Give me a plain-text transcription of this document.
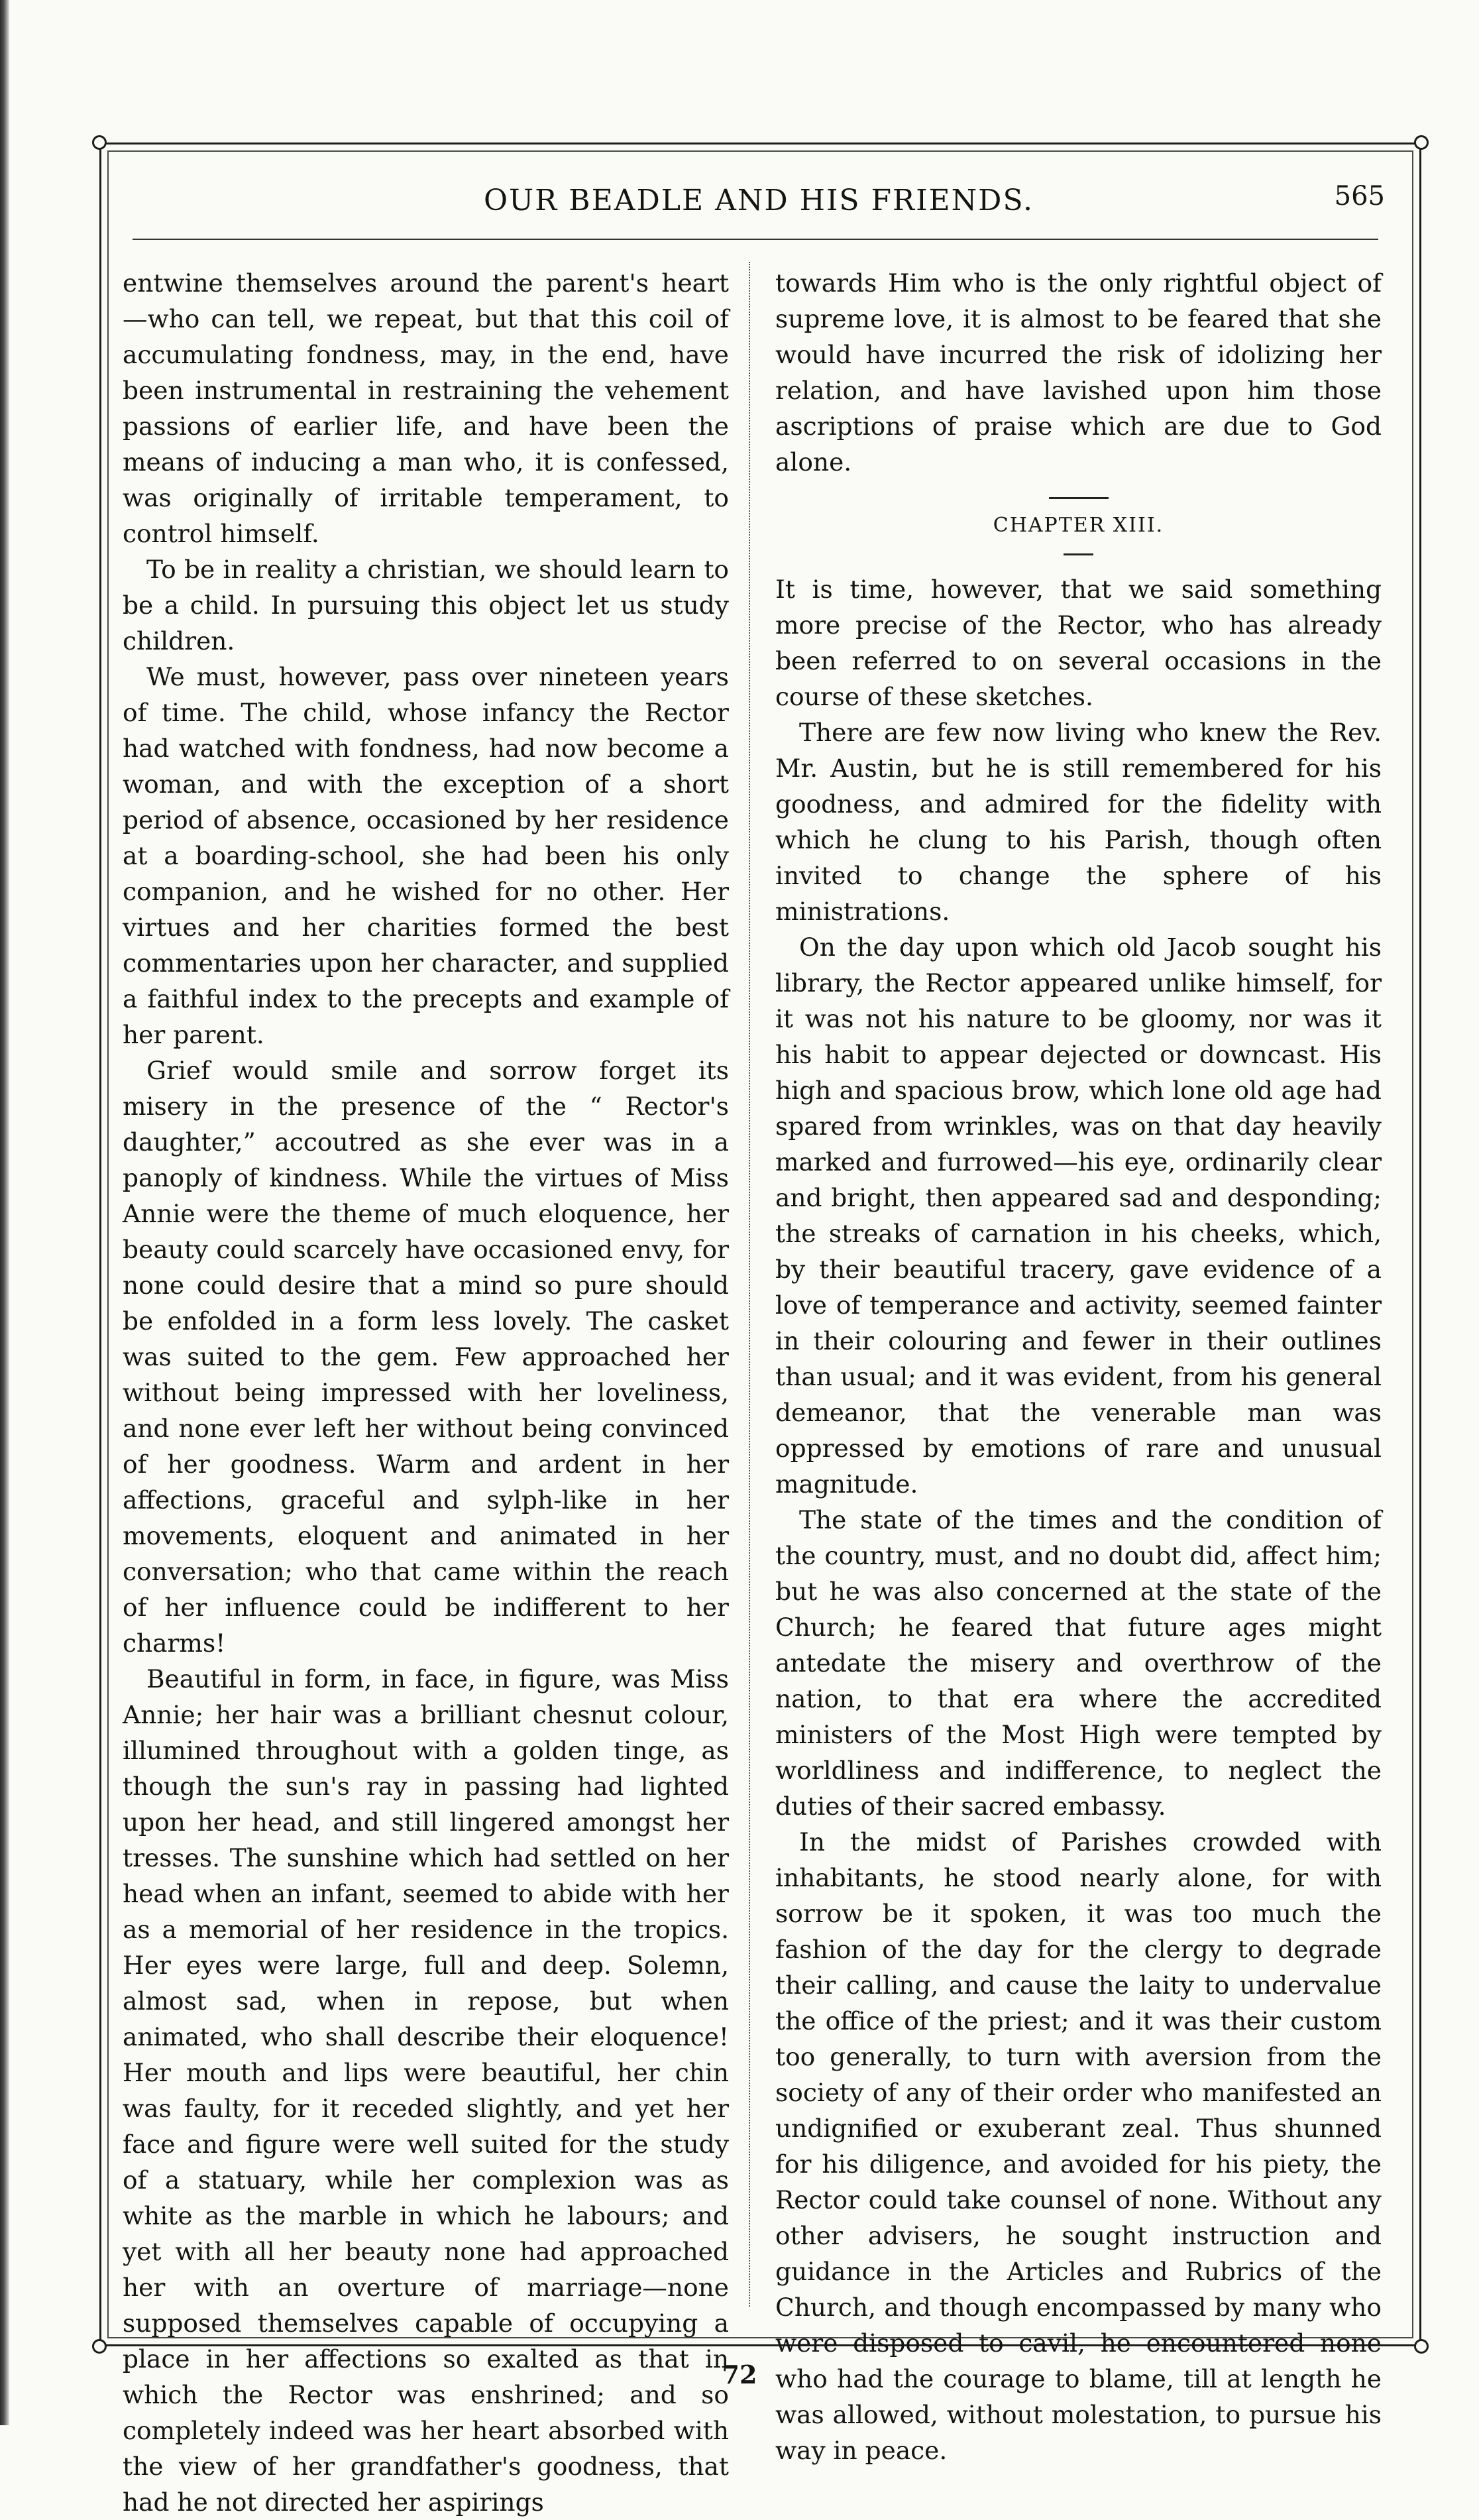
OUR BEADLE AND HIS FRIENDS.	565

entwine themselves around the parent's heart—who can tell, we repeat, but that this coil of accumulating fondness, may, in the end, have been instrumental in restraining the vehement passions of earlier life, and have been the means of inducing a man who, it is confessed, was originally of irritable temperament, to control himself.

To be in reality a christian, we should learn to be a child. In pursuing this object let us study children.

We must, however, pass over nineteen years of time. The child, whose infancy the Rector had watched with fondness, had now become a woman, and with the exception of a short period of absence, occasioned by her residence at a boarding-school, she had been his only companion, and he wished for no other. Her virtues and her charities formed the best commentaries upon her character, and supplied a faithful index to the precepts and example of her parent.

Grief would smile and sorrow forget its misery in the presence of the “ Rector's daughter,” accoutred as she ever was in a panoply of kindness. While the virtues of Miss Annie were the theme of much eloquence, her beauty could scarcely have occasioned envy, for none could desire that a mind so pure should be enfolded in a form less lovely. The casket was suited to the gem. Few approached her without being impressed with her loveliness, and none ever left her without being convinced of her goodness. Warm and ardent in her affections, graceful and sylph-like in her movements, eloquent and animated in her conversation; who that came within the reach of her influence could be indifferent to her charms!

Beautiful in form, in face, in figure, was Miss Annie; her hair was a brilliant chesnut colour, illumined throughout with a golden tinge, as though the sun's ray in passing had lighted upon her head, and still lingered amongst her tresses. The sunshine which had settled on her head when an infant, seemed to abide with her as a memorial of her residence in the tropics. Her eyes were large, full and deep. Solemn, almost sad, when in repose, but when animated, who shall describe their eloquence! Her mouth and lips were beautiful, her chin was faulty, for it receded slightly, and yet her face and figure were well suited for the study of a statuary, while her complexion was as white as the marble in which he labours; and yet with all her beauty none had approached her with an overture of marriage—none supposed themselves capable of occupying a place in her affections so exalted as that in which the Rector was enshrined; and so completely indeed was her heart absorbed with the view of her grandfather's goodness, that had he not directed her aspirings

towards Him who is the only rightful object of supreme love, it is almost to be feared that she would have incurred the risk of idolizing her relation, and have lavished upon him those ascriptions of praise which are due to God alone.

CHAPTER XIII.

It is time, however, that we said something more precise of the Rector, who has already been referred to on several occasions in the course of these sketches.

There are few now living who knew the Rev. Mr. Austin, but he is still remembered for his goodness, and admired for the fidelity with which he clung to his Parish, though often invited to change the sphere of his ministrations.

On the day upon which old Jacob sought his library, the Rector appeared unlike himself, for it was not his nature to be gloomy, nor was it his habit to appear dejected or downcast. His high and spacious brow, which lone old age had spared from wrinkles, was on that day heavily marked and furrowed—his eye, ordinarily clear and bright, then appeared sad and desponding; the streaks of carnation in his cheeks, which, by their beautiful tracery, gave evidence of a love of temperance and activity, seemed fainter in their colouring and fewer in their outlines than usual; and it was evident, from his general demeanor, that the venerable man was oppressed by emotions of rare and unusual magnitude.

The state of the times and the condition of the country, must, and no doubt did, affect him; but he was also concerned at the state of the Church; he feared that future ages might antedate the misery and overthrow of the nation, to that era where the accredited ministers of the Most High were tempted by worldliness and indifference, to neglect the duties of their sacred embassy.

In the midst of Parishes crowded with inhabitants, he stood nearly alone, for with sorrow be it spoken, it was too much the fashion of the day for the clergy to degrade their calling, and cause the laity to undervalue the office of the priest; and it was their custom too generally, to turn with aversion from the society of any of their order who manifested an undignified or exuberant zeal. Thus shunned for his diligence, and avoided for his piety, the Rector could take counsel of none. Without any other advisers, he sought instruction and guidance in the Articles and Rubrics of the Church, and though encompassed by many who were disposed to cavil, he encountered none who had the courage to blame, till at length he was allowed, without molestation, to pursue his way in peace.

72
